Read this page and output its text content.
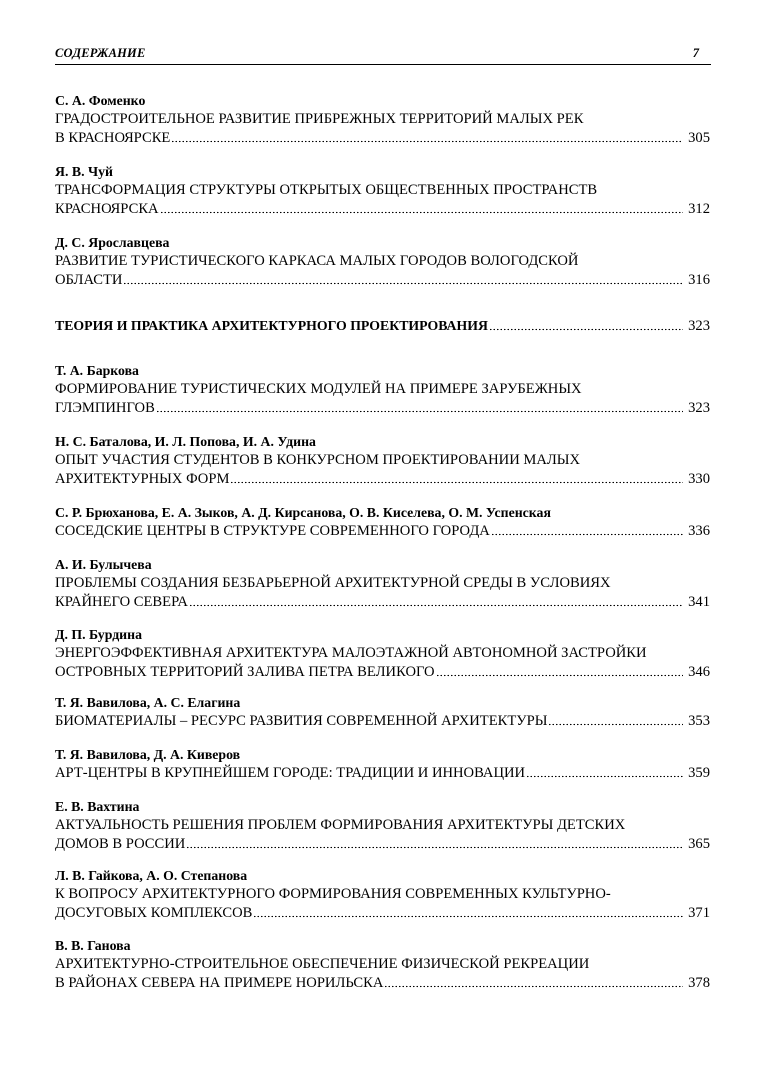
СОДЕРЖАНИЕ	7
С. А. Фоменко
ГРАДОСТРОИТЕЛЬНОЕ РАЗВИТИЕ ПРИБРЕЖНЫХ ТЕРРИТОРИЙ МАЛЫХ РЕК
В КРАСНОЯРСКЕ	305
Я. В. Чуй
ТРАНСФОРМАЦИЯ СТРУКТУРЫ ОТКРЫТЫХ ОБЩЕСТВЕННЫХ ПРОСТРАНСТВ
КРАСНОЯРСКА	312
Д. С. Ярославцева
РАЗВИТИЕ ТУРИСТИЧЕСКОГО КАРКАСА МАЛЫХ ГОРОДОВ ВОЛОГОДСКОЙ
ОБЛАСТИ	316
ТЕОРИЯ И ПРАКТИКА АРХИТЕКТУРНОГО ПРОЕКТИРОВАНИЯ	323
Т. А. Баркова
ФОРМИРОВАНИЕ ТУРИСТИЧЕСКИХ МОДУЛЕЙ НА ПРИМЕРЕ ЗАРУБЕЖНЫХ
ГЛЭМПИНГОВ	323
Н. С. Баталова, И. Л. Попова, И. А. Удина
ОПЫТ УЧАСТИЯ СТУДЕНТОВ В КОНКУРСНОМ ПРОЕКТИРОВАНИИ МАЛЫХ
АРХИТЕКТУРНЫХ ФОРМ	330
С. Р. Брюханова, Е. А. Зыков, А. Д. Кирсанова, О. В. Киселева, О. М. Успенская
СОСЕДСКИЕ ЦЕНТРЫ В СТРУКТУРЕ СОВРЕМЕННОГО ГОРОДА	336
А. И. Булычева
ПРОБЛЕМЫ СОЗДАНИЯ БЕЗБАРЬЕРНОЙ АРХИТЕКТУРНОЙ СРЕДЫ В УСЛОВИЯХ
КРАЙНЕГО СЕВЕРА	341
Д. П. Бурдина
ЭНЕРГОЭФФЕКТИВНАЯ АРХИТЕКТУРА МАЛОЭТАЖНОЙ АВТОНОМНОЙ ЗАСТРОЙКИ
ОСТРОВНЫХ ТЕРРИТОРИЙ ЗАЛИВА ПЕТРА ВЕЛИКОГО	346
Т. Я. Вавилова, А. С. Елагина
БИОМАТЕРИАЛЫ – РЕСУРС РАЗВИТИЯ СОВРЕМЕННОЙ АРХИТЕКТУРЫ	353
Т. Я. Вавилова, Д. А. Киверов
АРТ-ЦЕНТРЫ В КРУПНЕЙШЕМ ГОРОДЕ: ТРАДИЦИИ И ИННОВАЦИИ	359
Е. В. Вахтина
АКТУАЛЬНОСТЬ РЕШЕНИЯ ПРОБЛЕМ ФОРМИРОВАНИЯ АРХИТЕКТУРЫ ДЕТСКИХ
ДОМОВ В РОССИИ	365
Л. В. Гайкова, А. О. Степанова
К ВОПРОСУ АРХИТЕКТУРНОГО ФОРМИРОВАНИЯ СОВРЕМЕННЫХ КУЛЬТУРНО-
ДОСУГОВЫХ КОМПЛЕКСОВ	371
В. В. Ганова
АРХИТЕКТУРНО-СТРОИТЕЛЬНОЕ ОБЕСПЕЧЕНИЕ ФИЗИЧЕСКОЙ РЕКРЕАЦИИ
В РАЙОНАХ СЕВЕРА НА ПРИМЕРЕ НОРИЛЬСКА	378
